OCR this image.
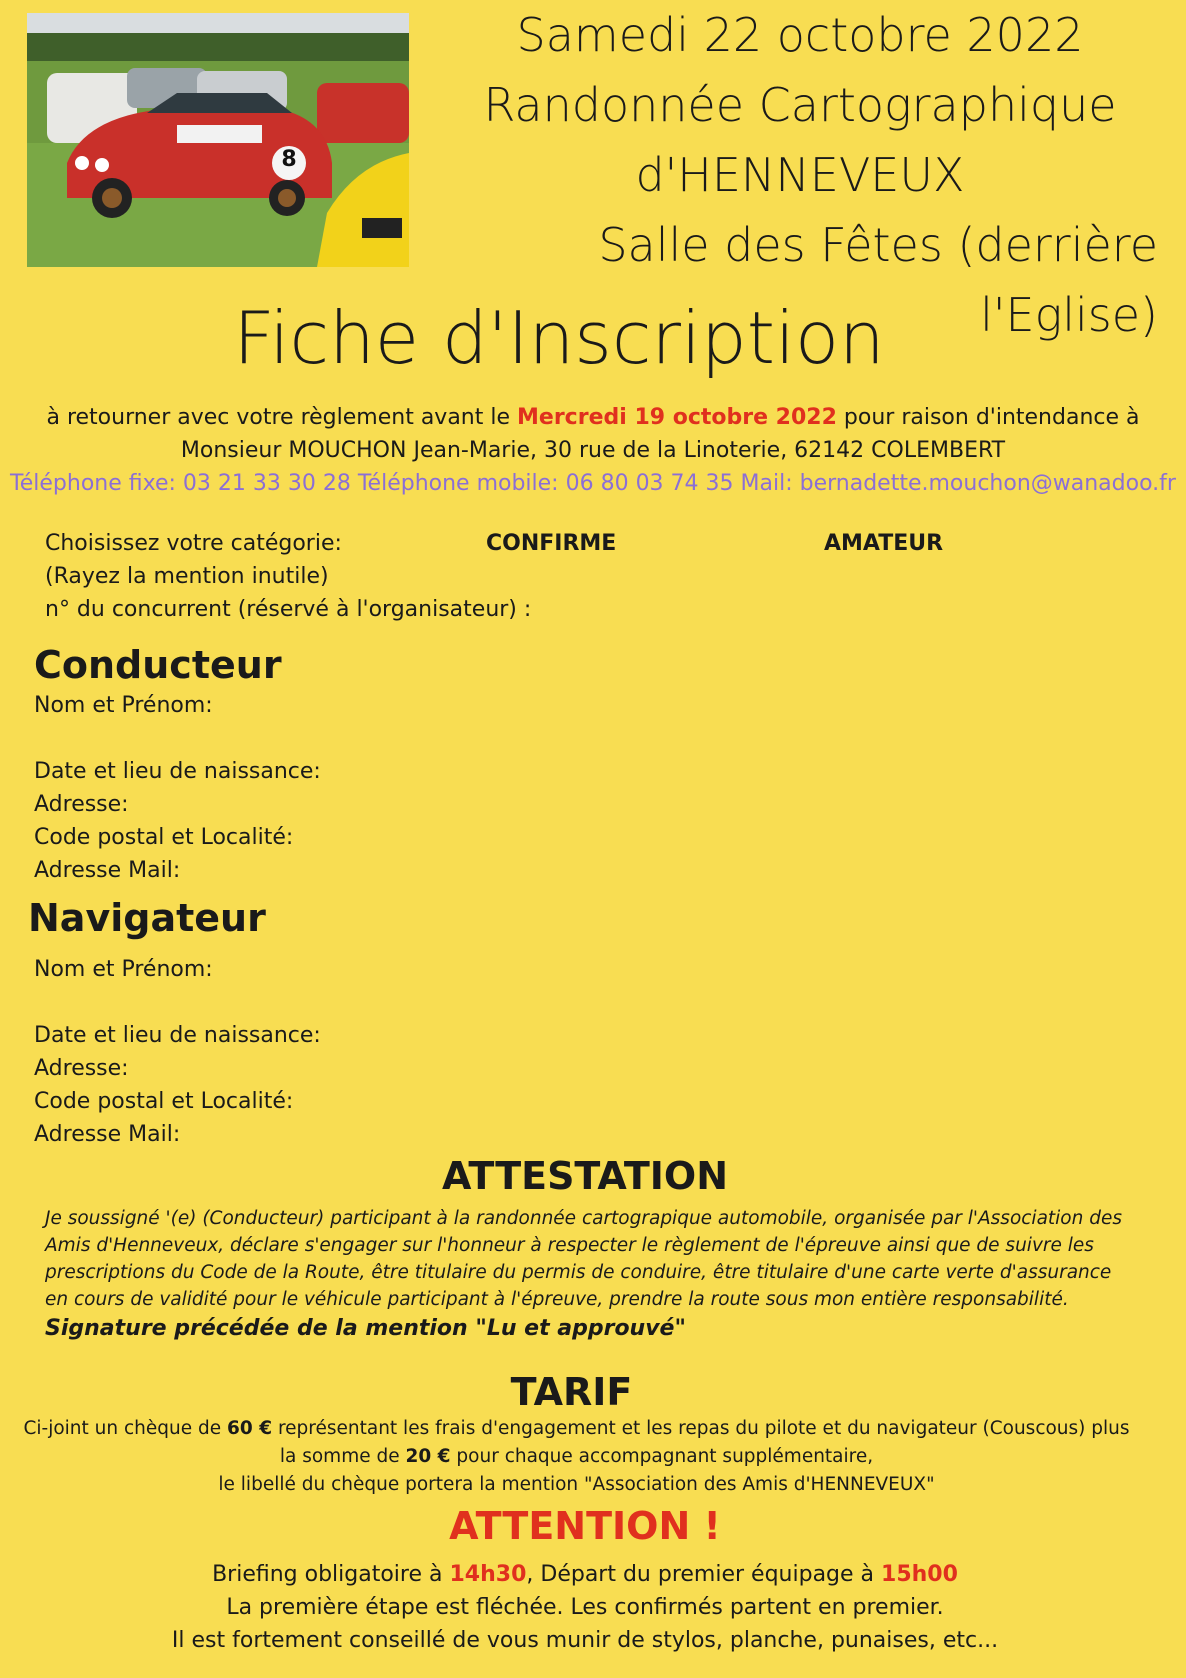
8
Samedi 22 octobre 2022
Randonnée Cartographique
d'HENNEVEUX
Salle des Fêtes (derrière l'Eglise)
Fiche d'Inscription
à retourner avec votre règlement avant le Mercredi 19 octobre 2022 pour raison d'intendance à
Monsieur MOUCHON Jean-Marie, 30 rue de la Linoterie, 62142 COLEMBERT
Téléphone fixe: 03 21 33 30 28 Téléphone mobile: 06 80 03 74 35 Mail: bernadette.mouchon@wanadoo.fr
Choisissez votre catégorie:
(Rayez la mention inutile)
n° du concurrent (réservé à l'organisateur) :
CONFIRME	AMATEUR
Conducteur
Nom et Prénom:
Date et lieu de naissance:
Adresse:
Code postal et Localité:
Adresse Mail:
Navigateur
Nom et Prénom:
Date et lieu de naissance:
Adresse:
Code postal et Localité:
Adresse Mail:
ATTESTATION
Je soussigné '(e) (Conducteur) participant à la randonnée cartograpique automobile, organisée par l'Association des Amis d'Henneveux, déclare s'engager sur l'honneur à respecter le règlement de l'épreuve ainsi que de suivre les prescriptions du Code de la Route, être titulaire du permis de conduire, être titulaire d'une carte verte d'assurance en cours de validité pour le véhicule participant à l'épreuve, prendre la route sous mon entière responsabilité.
Signature précédée de la mention "Lu et approuvé"
TARIF
Ci-joint un chèque de 60 € représentant les frais d'engagement et les repas du pilote et du navigateur (Couscous) plus
la somme de 20 € pour chaque accompagnant supplémentaire,
le libellé du chèque portera la mention "Association des Amis d'HENNEVEUX"
ATTENTION !
Briefing obligatoire à 14h30, Départ du premier équipage à 15h00
La première étape est fléchée. Les confirmés partent en premier.
Il est fortement conseillé de vous munir de stylos, planche, punaises, etc...
